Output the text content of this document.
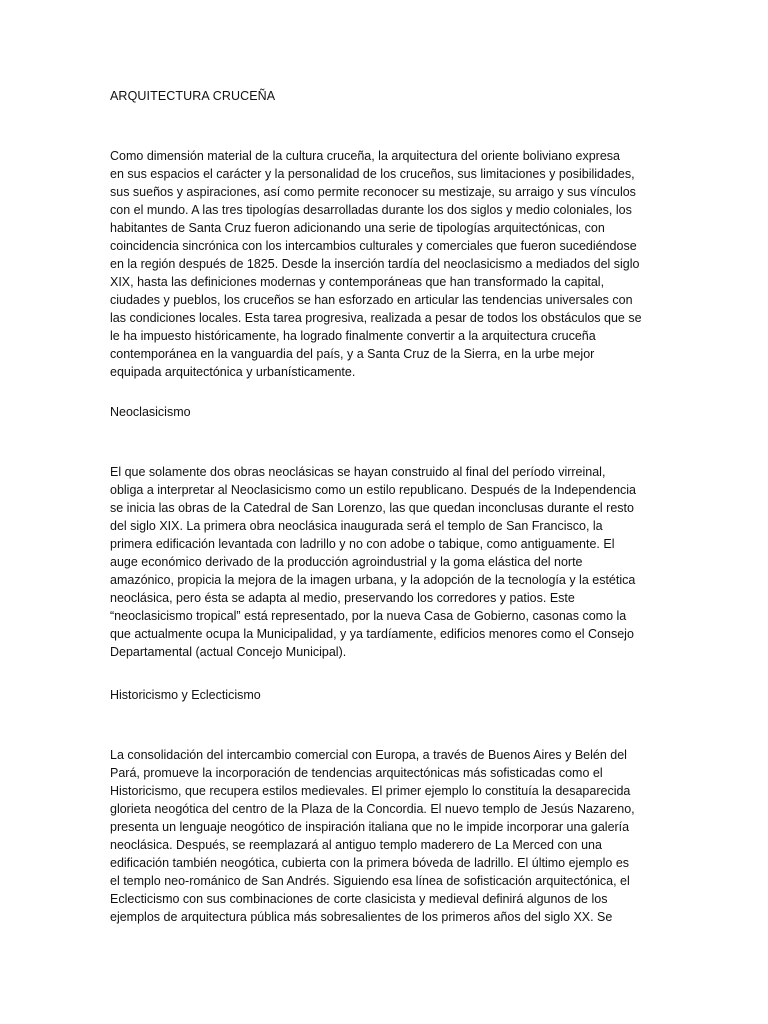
ARQUITECTURA CRUCEÑA
Como dimensión material de la cultura cruceña, la arquitectura del oriente boliviano expresa
en sus espacios el carácter y la personalidad de los cruceños, sus limitaciones y posibilidades,
sus sueños y aspiraciones, así como permite reconocer su mestizaje, su arraigo y sus vínculos
con el mundo. A las tres tipologías desarrolladas durante los dos siglos y medio coloniales, los
habitantes de Santa Cruz fueron adicionando una serie de tipologías arquitectónicas, con
coincidencia sincrónica con los intercambios culturales y comerciales que fueron sucediéndose
en la región después de 1825. Desde la inserción tardía del neoclasicismo a mediados del siglo
XIX, hasta las definiciones modernas y contemporáneas que han transformado la capital,
ciudades y pueblos, los cruceños se han esforzado en articular las tendencias universales con
las condiciones locales. Esta tarea progresiva, realizada a pesar de todos los obstáculos que se
le ha impuesto históricamente, ha logrado finalmente convertir a la arquitectura cruceña
contemporánea en la vanguardia del país, y a Santa Cruz de la Sierra, en la urbe mejor
equipada arquitectónica y urbanísticamente.
Neoclasicismo
El que solamente dos obras neoclásicas se hayan construido al final del período virreinal,
obliga a interpretar al Neoclasicismo como un estilo republicano. Después de la Independencia
se inicia las obras de la Catedral de San Lorenzo, las que quedan inconclusas durante el resto
del siglo XIX. La primera obra neoclásica inaugurada será el templo de San Francisco, la
primera edificación levantada con ladrillo y no con adobe o tabique, como antiguamente. El
auge económico derivado de la producción agroindustrial y la goma elástica del norte
amazónico, propicia la mejora de la imagen urbana, y la adopción de la tecnología y la estética
neoclásica, pero ésta se adapta al medio, preservando los corredores y patios. Este
“neoclasicismo tropical” está representado, por la nueva Casa de Gobierno, casonas como la
que actualmente ocupa la Municipalidad, y ya tardíamente, edificios menores como el Consejo
Departamental (actual Concejo Municipal).
Historicismo y Eclecticismo
La consolidación del intercambio comercial con Europa, a través de Buenos Aires y Belén del
Pará, promueve la incorporación de tendencias arquitectónicas más sofisticadas como el
Historicismo, que recupera estilos medievales. El primer ejemplo lo constituía la desaparecida
glorieta neogótica del centro de la Plaza de la Concordia. El nuevo templo de Jesús Nazareno,
presenta un lenguaje neogótico de inspiración italiana que no le impide incorporar una galería
neoclásica. Después, se reemplazará al antiguo templo maderero de La Merced con una
edificación también neogótica, cubierta con la primera bóveda de ladrillo. El último ejemplo es
el templo neo-románico de San Andrés. Siguiendo esa línea de sofisticación arquitectónica, el
Eclecticismo con sus combinaciones de corte clasicista y medieval definirá algunos de los
ejemplos de arquitectura pública más sobresalientes de los primeros años del siglo XX. Se
